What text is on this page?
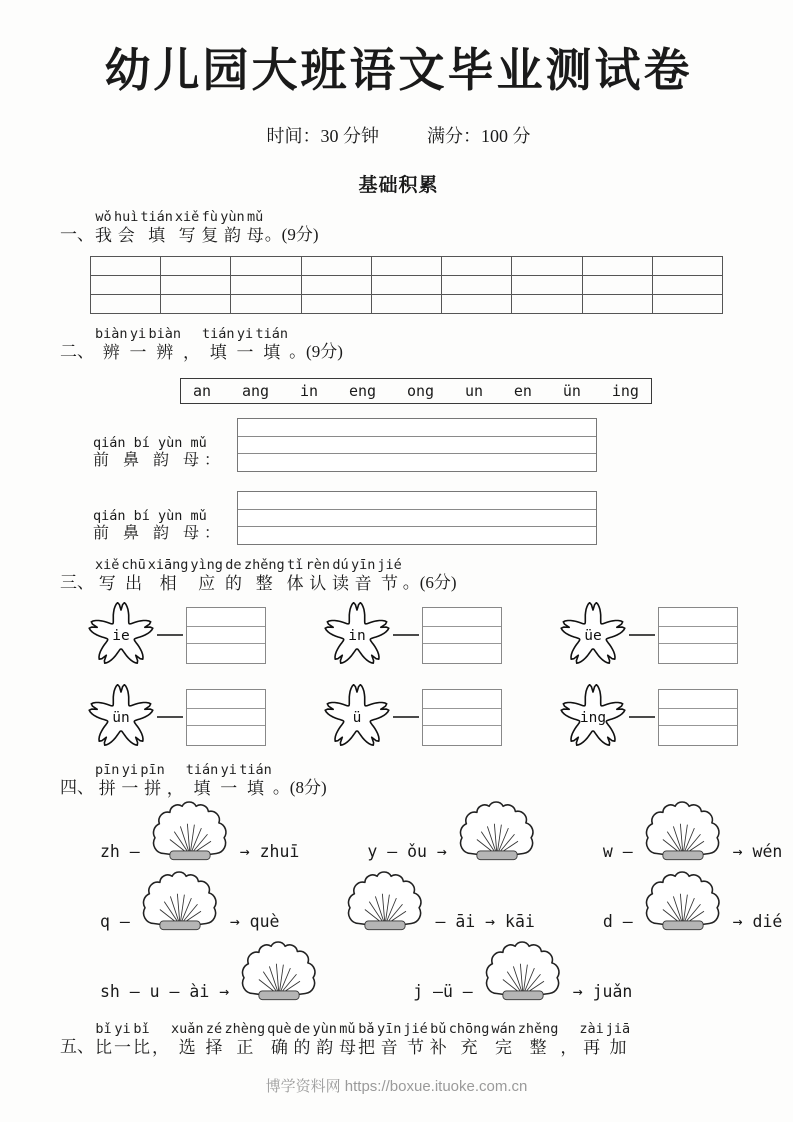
幼儿园大班语文毕业测试卷
时间：30 分钟	满分：100 分
基础积累
一、
wǒ
我
huì
会
tián
填
xiě
写
fù
复
yùn
韵
mǔ
母 。(9分)

二、
biàn
辨
yi
一
biàn
辨
，
tián
填
yi
一
tián
填 。(9分)
an ang in eng ong un en ün ing
qián bí yùn mǔ
前 鼻 韵 母：
qián bí yùn mǔ
前 鼻 韵 母：
三、
xiě
写
chū
出
xiāng
相
yìng
应
de
的
zhěng
整
tǐ
体
rèn
认
dú
读
yīn
音
jié
节 。(6分)
ie	in	üe
ün	ü	ing
四、
pīn
拼
yi
一
pīn
拼
，
tián
填
yi
一
tián
填 。(8分)
zh —	→ zhuī	y — ǒu →	w —	→ wén
q —	→ què	— āi → kāi	d —	→ dié
sh — u — ài →	j —ü —	→ juǎn
五、
bǐ
比
yi
一
bǐ
比
，
xuǎn
选
zé
择
zhèng
正
què
确
de
的
yùn
韵
mǔ
母
bǎ
把
yīn
音
jié
节
bǔ
补
chōng
充
wán
完
zhěng
整
，
zài
再
jiā
加
博学资料网 https://boxue.ituoke.com.cn
